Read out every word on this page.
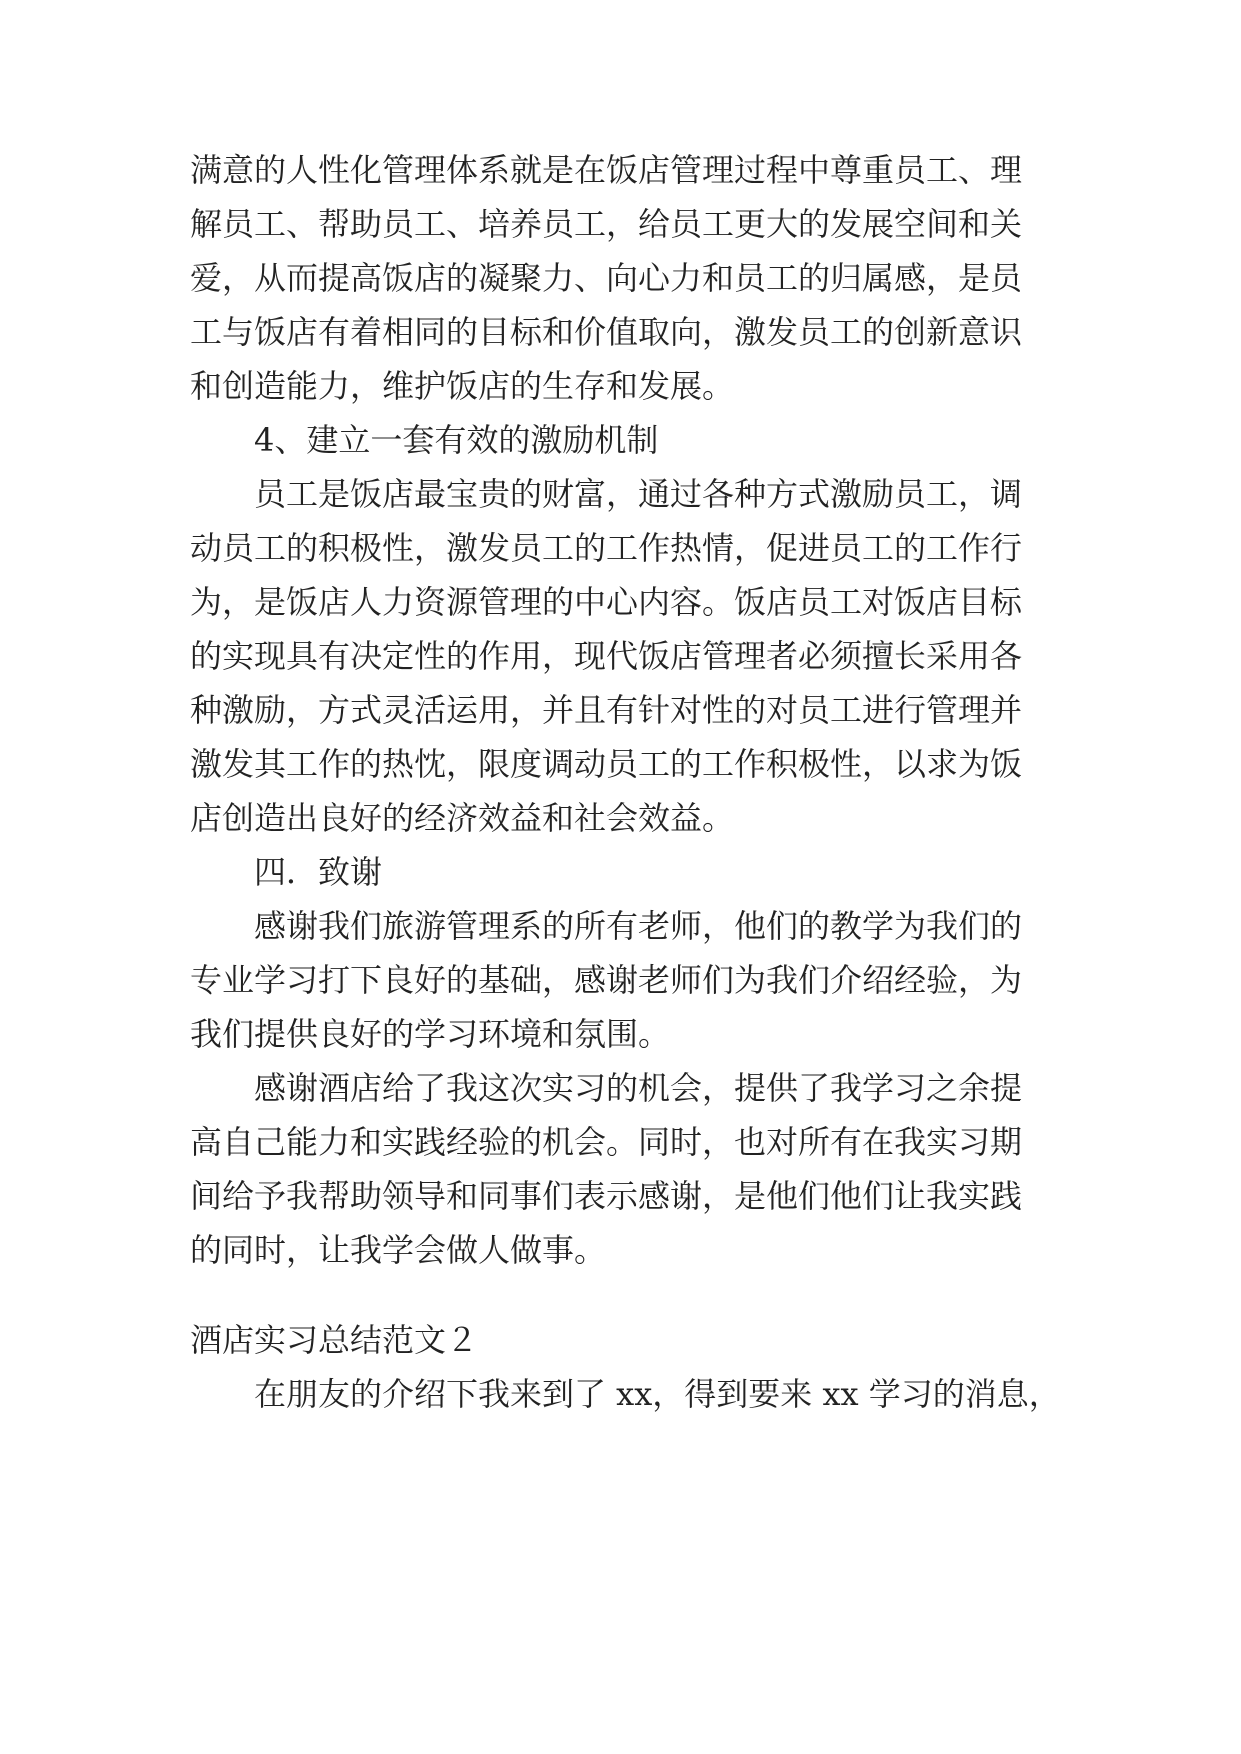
满意的人性化管理体系就是在饭店管理过程中尊重员工、理

解员工、帮助员工、培养员工，给员工更大的发展空间和关

爱，从而提高饭店的凝聚力、向心力和员工的归属感，是员

工与饭店有着相同的目标和价值取向，激发员工的创新意识

和创造能力，维护饭店的生存和发展。

4、建立一套有效的激励机制

员工是饭店最宝贵的财富，通过各种方式激励员工，调

动员工的积极性，激发员工的工作热情，促进员工的工作行

为，是饭店人力资源管理的中心内容。饭店员工对饭店目标

的实现具有决定性的作用，现代饭店管理者必须擅长采用各

种激励，方式灵活运用，并且有针对性的对员工进行管理并

激发其工作的热忱，限度调动员工的工作积极性，以求为饭

店创造出良好的经济效益和社会效益。

四．致谢

感谢我们旅游管理系的所有老师，他们的教学为我们的

专业学习打下良好的基础，感谢老师们为我们介绍经验，为

我们提供良好的学习环境和氛围。

感谢酒店给了我这次实习的机会，提供了我学习之余提

高自己能力和实践经验的机会。同时，也对所有在我实习期

间给予我帮助领导和同事们表示感谢，是他们他们让我实践

的同时，让我学会做人做事。

酒店实习总结范文２

在朋友的介绍下我来到了 xx，得到要来 xx 学习的消息，
